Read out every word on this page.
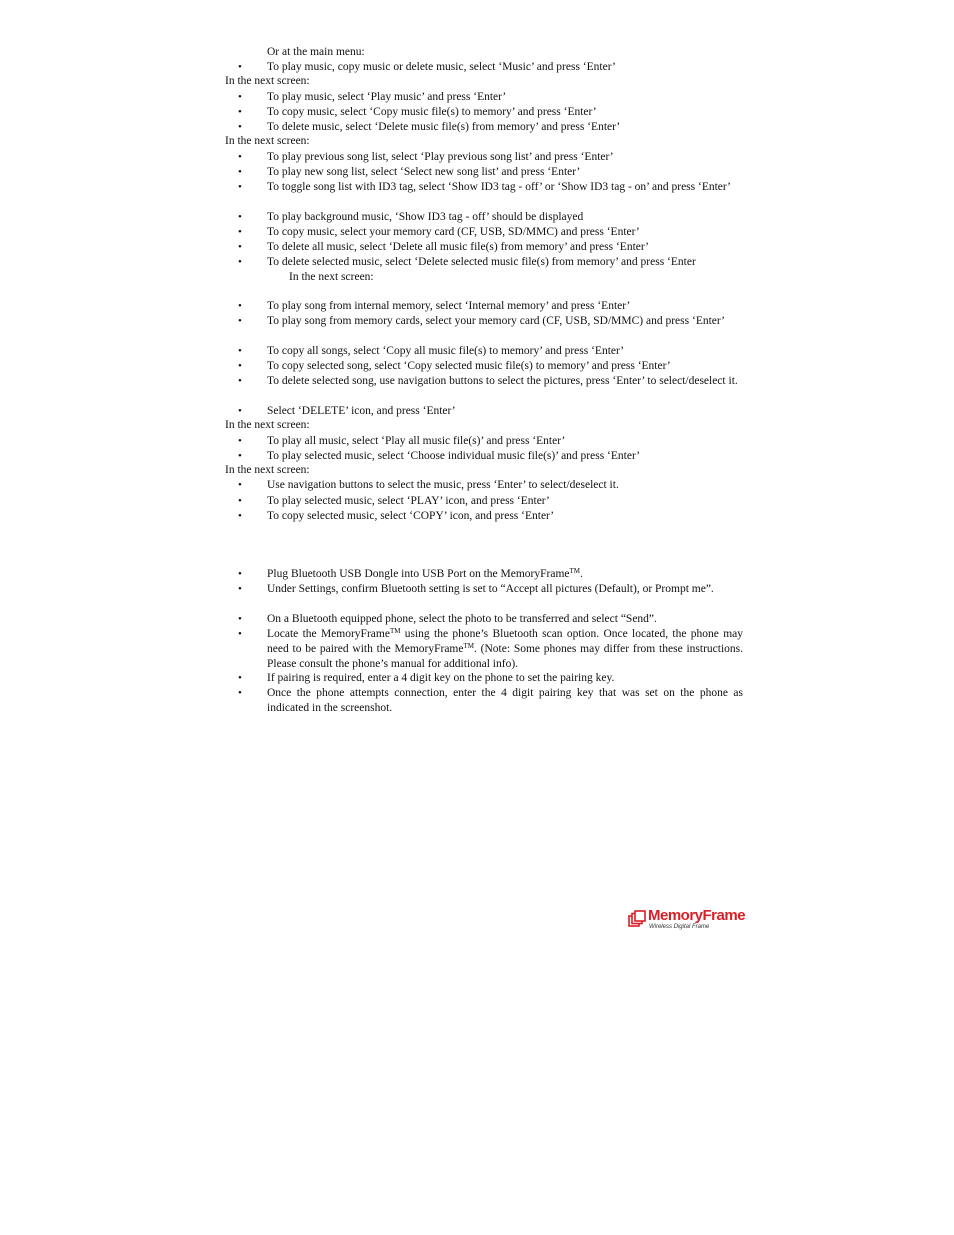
Or at the main menu:
•	To play music, copy music or delete music, select ‘Music’ and press ‘Enter’
In the next screen:
•	To play music, select ‘Play music’ and press ‘Enter’
•	To copy music, select ‘Copy music file(s) to memory’ and press ‘Enter’
•	To delete music, select ‘Delete music file(s) from memory’ and press ‘Enter’
In the next screen:
•	To play previous song list, select ‘Play previous song list’ and press ‘Enter’
•	To play new song list, select ‘Select new song list’ and press ‘Enter’
•	To toggle song list with ID3 tag, select ‘Show ID3 tag - off’ or ‘Show ID3 tag - on’ and press ‘Enter’
•	To play background music, ‘Show ID3 tag - off’ should be displayed
•	To copy music, select your memory card (CF, USB, SD/MMC) and press ‘Enter’
•	To delete all music, select ‘Delete all music file(s) from memory’ and press ‘Enter’
•	To delete selected music, select ‘Delete selected music file(s) from memory’ and press ‘Enter
In the next screen:
•	To play song from internal memory, select ‘Internal memory’ and press ‘Enter’
•	To play song from memory cards, select your memory card (CF, USB, SD/MMC) and press ‘Enter’
•	To copy all songs, select ‘Copy all music file(s) to memory’ and press ‘Enter’
•	To copy selected song, select ‘Copy selected music file(s) to memory’ and press ‘Enter’
•	To delete selected song, use navigation buttons to select the pictures, press ‘Enter’ to select/deselect it.
•	Select ‘DELETE’ icon, and press ‘Enter’
In the next screen:
•	To play all music, select ‘Play all music file(s)’ and press ‘Enter’
•	To play selected music, select ‘Choose individual music file(s)’ and press ‘Enter’
In the next screen:
•	Use navigation buttons to select the music, press ‘Enter’ to select/deselect it.
•	To play selected music, select ‘PLAY’ icon, and press ‘Enter’
•	To copy selected music, select ‘COPY’ icon, and press ‘Enter’
•	Plug Bluetooth USB Dongle into USB Port on the MemoryFrame™.
•	Under Settings, confirm Bluetooth setting is set to “Accept all pictures (Default), or Prompt me”.
•	On a Bluetooth equipped phone, select the photo to be transferred and select “Send”.
•	Locate the MemoryFrame™ using the phone’s Bluetooth scan option. Once located, the phone may need to be paired with the MemoryFrame™. (Note: Some phones may differ from these instructions. Please consult the phone’s manual for additional info).
•	If pairing is required, enter a 4 digit key on the phone to set the pairing key.
•	Once the phone attempts connection, enter the 4 digit pairing key that was set on the phone as indicated in the screenshot.
MemoryFrame
Wireless Digital Frame
